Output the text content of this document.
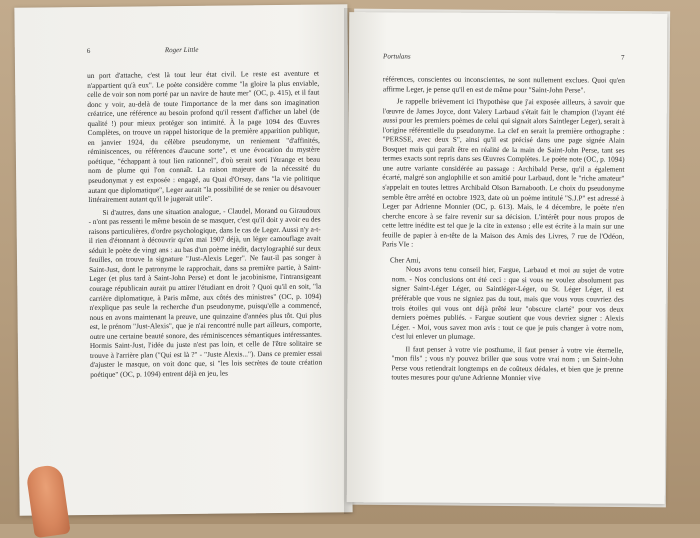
6	Roger Little

un port d'attache, c'est là tout leur état civil. Le reste est aventure et n'appartient qu'à eux". Le poète considère comme "la gloire la plus enviable, celle de voir son nom porté par un navire de haute mer" (OC, p. 415), et il faut donc y voir, au-delà de toute l'importance de la mer dans son imagination créatrice, une référence au besoin profond qu'il ressent d'afficher un label (de qualité !) pour mieux protéger son intimité. À la page 1094 des Œuvres Complètes, on trouve un rappel historique de la première apparition publique, en janvier 1924, du célèbre pseudonyme, un reniement "d'affinités, réminiscences, ou références d'aucune sorte", et une évocation du mystère poétique, "échappant à tout lien rationnel", d'où serait sorti l'étrange et beau nom de plume qui l'on connaît. La raison majeure de la nécessité du pseudonymat y est exposée : engagé, au Quai d'Orsay, dans "la vie politique autant que diplomatique", Leger aurait "la possibilité de se renier ou désavouer littérairement autant qu'il le jugerait utile".

Si d'autres, dans une situation analogue, - Claudel, Morand ou Giraudoux - n'ont pas ressenti le même besoin de se masquer, c'est qu'il doit y avoir eu des raisons particulières, d'ordre psychologique, dans le cas de Leger. Aussi n'y a-t-il rien d'étonnant à découvrir qu'en mai 1907 déjà, un léger camouflage avait séduit le poète de vingt ans : au bas d'un poème inédit, dactylographié sur deux feuilles, on trouve la signature "Just-Alexis Leger". Ne faut-il pas songer à Saint-Just, dont le patronyme le rapprochait, dans sa première partie, à Saint-Leger (et plus tard à Saint-John Perse) et dont le jacobinisme, l'intransigeant courage républicain aurait pu attirer l'étudiant en droit ? Quoi qu'il en soit, "la carrière diplomatique, à Paris même, aux côtés des ministres" (OC, p. 1094) n'explique pas seule la recherche d'un pseudonyme, puisqu'elle a commencé, nous en avons maintenant la preuve, une quinzaine d'années plus tôt. Qui plus est, le prénom "Just-Alexis", que je n'ai rencontré nulle part ailleurs, comporte, outre une certaine beauté sonore, des réminiscences sémantiques intéressantes. Hormis Saint-Just, l'idée du juste n'est pas loin, et celle de l'être solitaire se trouve à l'arrière plan ("Qui est là ?" - "Juste Alexis..."). Dans ce premier essai d'ajuster le masque, on voit donc que, si "les lois secrètes de toute création poétique" (OC, p. 1094) entrent déjà en jeu, les

Portulans	7

références, conscientes ou inconscientes, ne sont nullement exclues. Quoi qu'en affirme Leger, je pense qu'il en est de même pour "Saint-John Perse".

Je rappelle brièvement ici l'hypothèse que j'ai exposée ailleurs, à savoir que l'œuvre de James Joyce, dont Valery Larbaud s'était fait le champion (l'ayant été aussi pour les premiers poèmes de celui qui signait alors Saintleger Leger), serait à l'origine référentielle du pseudonyme. La clef en serait la première orthographe : "PERSSE, avec deux S", ainsi qu'il est précisé dans une page signée Alain Bosquet mais qui paraît être en réalité de la main de Saint-John Perse, tant ses termes exacts sont repris dans ses Œuvres Complètes. Le poète note (OC, p. 1094) une autre variante considérée au passage : Archibald Perse, qu'il a également écarté, malgré son anglophilie et son amitié pour Larbaud, dont le "riche amateur" s'appelait en toutes lettres Archibald Olson Barnabooth. Le choix du pseudonyme semble être arrêté en octobre 1923, date où un poème intitulé "S.J.P" est adressé à Leger par Adrienne Monnier (OC, p. 613). Mais, le 4 décembre, le poète n'en cherche encore à se faire revenir sur sa décision. L'intérêt pour nous propos de cette lettre inédite est tel que je la cite in extenso ; elle est écrite à la main sur une feuille de papier à en-tête de la Maison des Amis des Livres, 7 rue de l'Odéon, Paris VIe :

Cher Ami,

Nous avons tenu conseil hier, Fargue, Larbaud et moi au sujet de votre nom. - Nos conclusions ont été ceci : que si vous ne voulez absolument pas signer Saint-Léger Léger, ou Saintléger-Léger, ou St. Léger Léger, il est préférable que vous ne signiez pas du tout, mais que vous vous couvriez des trois étoiles qui vous ont déjà prêté leur "obscure clarté" pour vos deux derniers poèmes publiés. - Fargue soutient que vous devriez signer : Alexis Léger. - Moi, vous savez mon avis : tout ce que je puis changer à votre nom, c'est lui enlever un plumage.

Il faut penser à votre vie posthume, il faut penser à votre vie éternelle, "mon fils" ; vous n'y pouvez briller que sous votre vrai nom ; un Saint-John Perse vous retiendrait longtemps en de coûteux dédales, et bien que je prenne toutes mesures pour qu'une Adrienne Monnier vive
